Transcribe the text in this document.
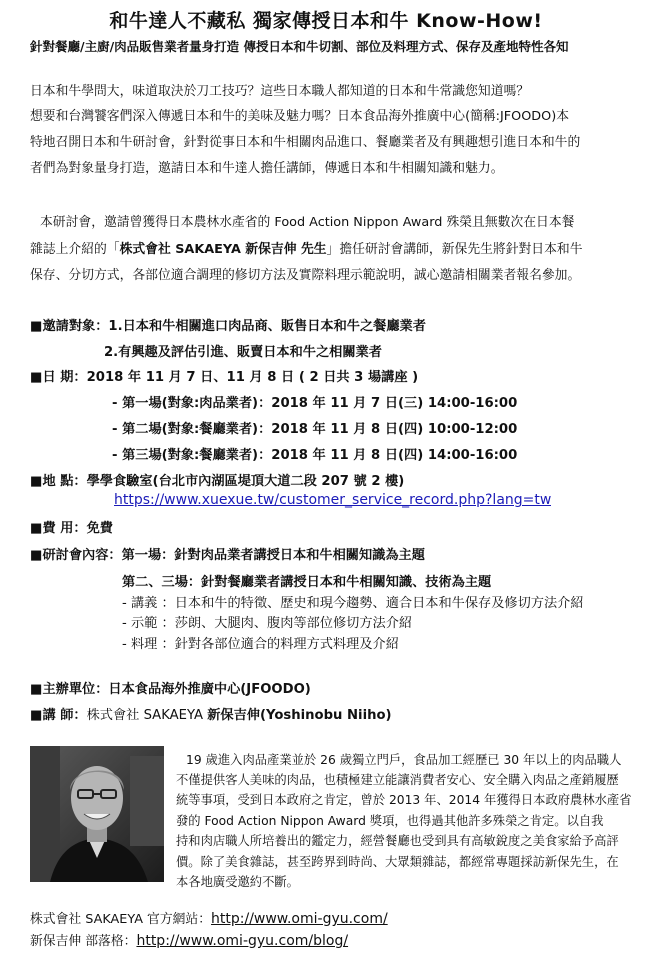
和牛達人不藏私 獨家傳授日本和牛 Know-How!
針對餐廳/主廚/肉品販售業者量身打造 傳授日本和牛切割、部位及料理方式、保存及產地特性各知
日本和牛學問大，味道取決於刀工技巧？這些日本職人都知道的日本和牛常識您知道嗎？
想要和台灣饕客們深入傳遞日本和牛的美味及魅力嗎？日本食品海外推廣中心(簡稱:JFOODO)本
特地召開日本和牛研討會，針對從事日本和牛相關肉品進口、餐廳業者及有興趣想引進日本和牛的
者們為對象量身打造，邀請日本和牛達人擔任講師，傳遞日本和牛相關知識和魅力。
本研討會，邀請曾獲得日本農林水產省的 Food Action Nippon Award 殊榮且無數次在日本餐
雜誌上介紹的「株式會社 SAKAEYA 新保吉伸 先生」擔任研討會講師，新保先生將針對日本和牛
保存、分切方式，各部位適合調理的修切方法及實際料理示範說明，誠心邀請相關業者報名參加。
■邀請對象：1.日本和牛相關進口肉品商、販售日本和牛之餐廳業者
2.有興趣及評估引進、販賣日本和牛之相關業者
■日 期：2018 年 11 月 7 日、11 月 8 日 ( 2 日共 3 場講座 )
- 第一場(對象:肉品業者)：2018 年 11 月 7 日(三) 14:00-16:00
- 第二場(對象:餐廳業者)：2018 年 11 月 8 日(四) 10:00-12:00
- 第三場(對象:餐廳業者)：2018 年 11 月 8 日(四) 14:00-16:00
■地 點：學學食驗室(台北市內湖區堤頂大道二段 207 號 2 樓)
https://www.xuexue.tw/customer_service_record.php?lang=tw
■費 用：免費
■研討會內容：第一場：針對肉品業者講授日本和牛相關知識為主題
第二、三場：針對餐廳業者講授日本和牛相關知識、技術為主題
- 講義 ：日本和牛的特徵、歷史和現今趨勢、適合日本和牛保存及修切方法介紹
- 示範 ：莎朗、大腿肉、腹肉等部位修切方法介紹
- 料理 ：針對各部位適合的料理方式料理及介紹
■主辦單位：日本食品海外推廣中心(JFOODO)
■講 師：株式會社 SAKAEYA 新保吉伸(Yoshinobu Niiho)
19 歲進入肉品產業並於 26 歲獨立門戶，食品加工經歷已 30 年以上的肉品職人
不僅提供客人美味的肉品，也積極建立能讓消費者安心、安全購入肉品之產銷履歷
統等事項，受到日本政府之肯定，曾於 2013 年、2014 年獲得日本政府農林水產省
發的 Food Action Nippon Award 獎項，也得過其他許多殊榮之肯定。以自我
持和肉店職人所培養出的鑑定力，經營餐廳也受到具有高敏銳度之美食家給予高評
價。除了美食雜誌，甚至跨界到時尚、大眾類雜誌，都經常專題採訪新保先生，在
本各地廣受邀約不斷。
株式會社 SAKAEYA 官方網站：http://www.omi-gyu.com/
新保吉伸 部落格：http://www.omi-gyu.com/blog/
